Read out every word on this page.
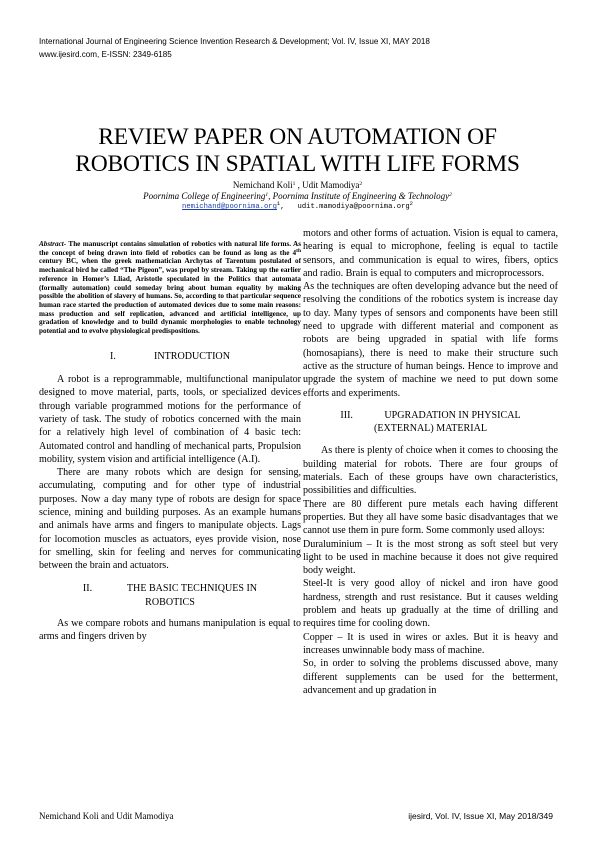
International Journal of Engineering Science Invention Research & Development; Vol. IV, Issue XI, MAY 2018
www.ijesird.com, E-ISSN: 2349-6185
REVIEW PAPER ON AUTOMATION OF
ROBOTICS IN SPATIAL WITH LIFE FORMS
Nemichand Koli$^1$ , Udit Mamodiya$^2$
Poornima College of Engineering$^1$, Poornima Institute of Engineering & Technology$^2$
nemichand@poornima.org$^1$,   udit.mamodiya@poornima.org$^2$

Abstract- The manuscript contains simulation of robotics with natural life forms. As the concept of being drawn into field of robotics can be found as long as the 4th century BC, when the greek mathematician Archytas of Tarentum postulated of mechanical bird he called “The Pigeon”, was propel by stream. Taking up the earlier reference in Homer’s Lliad, Aristotle speculated in the Politics that automata (formally automation) could someday bring about human equality by making possible the abolition of slavery of humans. So, according to that particular sequence human race started the production of automated devices due to some main reasons: mass production and self replication, advanced and artificial intelligence, up gradation of knowledge and to build dynamic morphologies to enable technology potential and to evolve physiological predispositions.

I.	INTRODUCTION

A robot is a reprogrammable, multifunctional manipulator designed to move material, parts, tools, or specialized devices through variable programmed motions for the performance of variety of task. The study of robotics concerned with the main for a relatively high level of combination of 4 basic tech: Automated control and handling of mechanical parts, Propulsion mobility, system vision and artificial intelligence (A.I).

There are many robots which are design for sensing, accumulating, computing and for other type of industrial purposes. Now a day many type of robots are design for space science, mining and building purposes. As an example humans and animals have arms and fingers to manipulate objects. Lags for locomotion muscles as actuators, eyes provide vision, nose for smelling, skin for feeling and nerves for communicating between the brain and actuators.

II.	THE BASIC TECHNIQUES IN

ROBOTICS

As we compare robots and humans manipulation is equal to arms and fingers driven by

motors and other forms of actuation. Vision is equal to camera, hearing is equal to microphone, feeling is equal to tactile sensors, and communication is equal to wires, fibers, optics and radio. Brain is equal to computers and microprocessors.

As the techniques are often developing advance but the need of resolving the conditions of the robotics system is increase day to day. Many types of sensors and components have been still need to upgrade with different material and component as robots are being upgraded in spatial with life forms (homosapians), there is need to make their structure such active as the structure of human beings. Hence to improve and upgrade the system of machine we need to put down some efforts and experiments.

III.	UPGRADATION IN PHYSICAL

(EXTERNAL) MATERIAL

As there is plenty of choice when it comes to choosing the building material for robots. There are four groups of materials. Each of these groups have own characteristics, possibilities and difficulties.

There are 80 different pure metals each having different properties. But they all have some basic disadvantages that we cannot use them in pure form. Some commonly used alloys:

Duraluminium – It is the most strong as soft steel but very light to be used in machine because it does not give required body weight.

Steel-It is very good alloy of nickel and iron have good hardness, strength and rust resistance. But it causes welding problem and heats up gradually at the time of drilling and requires time for cooling down.

Copper – It is used in wires or axles. But it is heavy and increases unwinnable body mass of machine.

So, in order to solving the problems discussed above, many different supplements can be used for the betterment, advancement and up gradation in

Nemichand Koli and Udit Mamodiya	ijesird, Vol. IV, Issue XI, May 2018/349
